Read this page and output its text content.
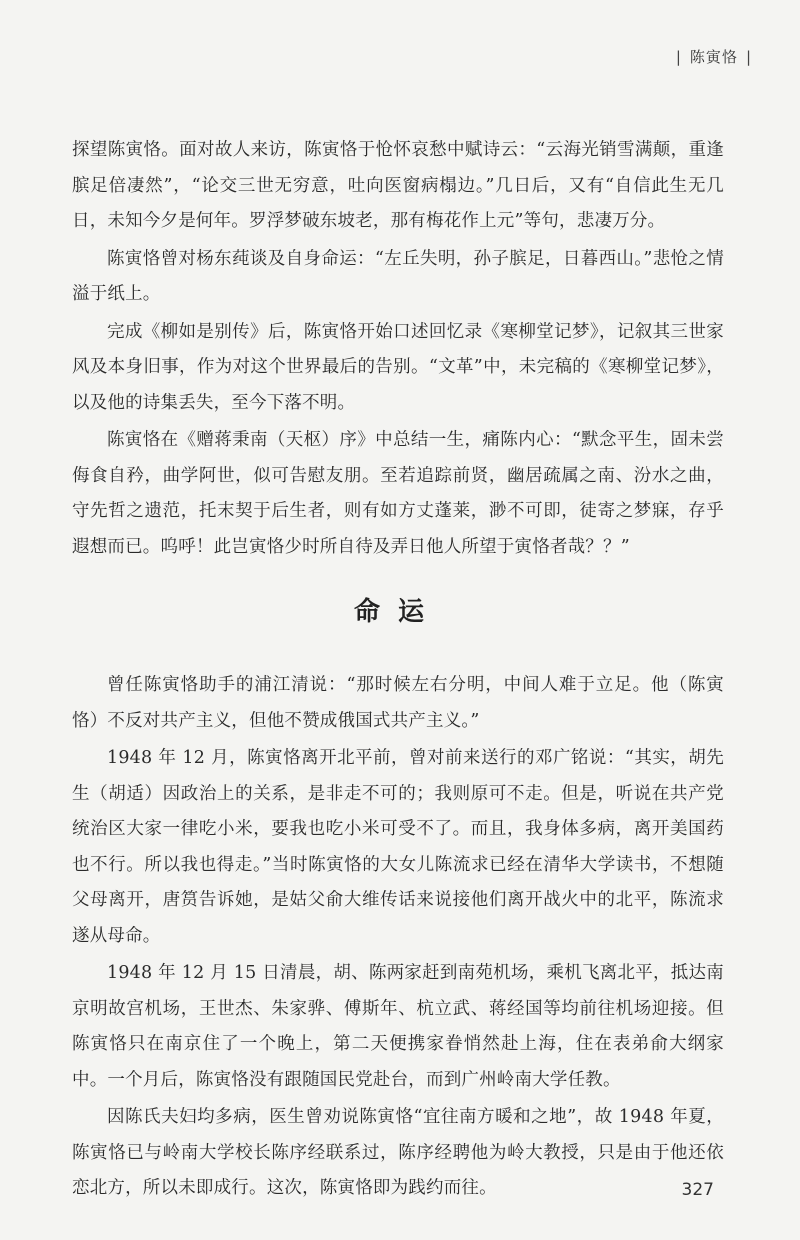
| 陈寅恪 |

探望陈寅恪。面对故人来访，陈寅恪于怆怀哀愁中赋诗云：“云海光销雪满颠，重逢膑足倍凄然”，“论交三世无穷意，吐向医窗病榻边。”几日后，又有“自信此生无几日，未知今夕是何年。罗浮梦破东坡老，那有梅花作上元”等句，悲凄万分。

陈寅恪曾对杨东莼谈及自身命运：“左丘失明，孙子膑足，日暮西山。”悲怆之情溢于纸上。

完成《柳如是别传》后，陈寅恪开始口述回忆录《寒柳堂记梦》，记叙其三世家风及本身旧事，作为对这个世界最后的告别。“文革”中，未完稿的《寒柳堂记梦》，以及他的诗集丢失，至今下落不明。

陈寅恪在《赠蒋秉南（天枢）序》中总结一生，痛陈内心：“默念平生，固未尝侮食自矜，曲学阿世，似可告慰友朋。至若追踪前贤，幽居疏属之南、汾水之曲，守先哲之遗范，托末契于后生者，则有如方丈蓬莱，渺不可即，徒寄之梦寐，存乎遐想而已。呜呼！此岂寅恪少时所自待及弄日他人所望于寅恪者哉？？”

命运

曾任陈寅恪助手的浦江清说：“那时候左右分明，中间人难于立足。他（陈寅恪）不反对共产主义，但他不赞成俄国式共产主义。”

1948 年 12 月，陈寅恪离开北平前，曾对前来送行的邓广铭说：“其实，胡先生（胡适）因政治上的关系，是非走不可的；我则原可不走。但是，听说在共产党统治区大家一律吃小米，要我也吃小米可受不了。而且，我身体多病，离开美国药也不行。所以我也得走。”当时陈寅恪的大女儿陈流求已经在清华大学读书，不想随父母离开，唐筼告诉她，是姑父俞大维传话来说接他们离开战火中的北平，陈流求遂从母命。

1948 年 12 月 15 日清晨，胡、陈两家赶到南苑机场，乘机飞离北平，抵达南京明故宫机场，王世杰、朱家骅、傅斯年、杭立武、蒋经国等均前往机场迎接。但陈寅恪只在南京住了一个晚上，第二天便携家眷悄然赴上海，住在表弟俞大纲家中。一个月后，陈寅恪没有跟随国民党赴台，而到广州岭南大学任教。

因陈氏夫妇均多病，医生曾劝说陈寅恪“宜往南方暖和之地”，故 1948 年夏，陈寅恪已与岭南大学校长陈序经联系过，陈序经聘他为岭大教授，只是由于他还依恋北方，所以未即成行。这次，陈寅恪即为践约而往。	327
